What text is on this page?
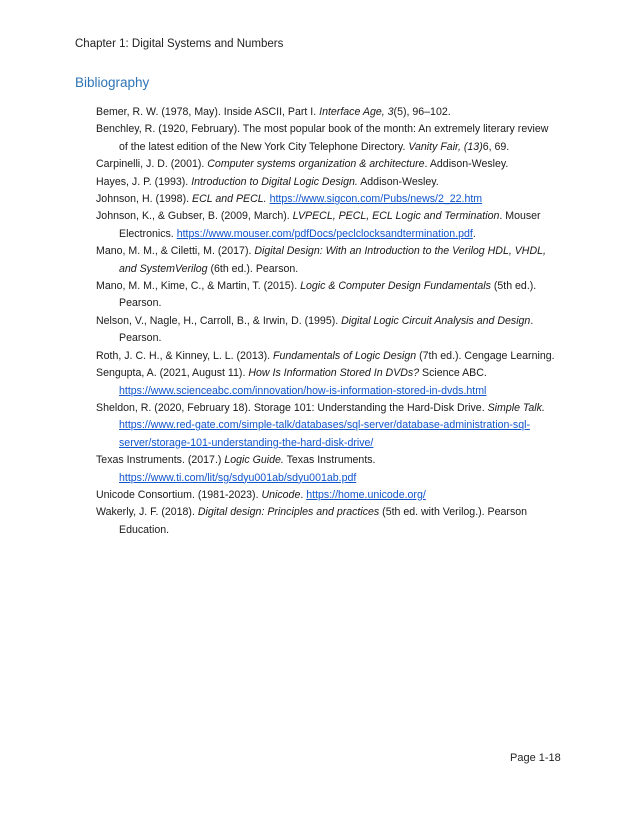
Chapter 1: Digital Systems and Numbers
Bibliography

Bemer, R. W. (1978, May). Inside ASCII, Part I. Interface Age, 3(5), 96–102.

Benchley, R. (1920, February). The most popular book of the month: An extremely literary review of the latest edition of the New York City Telephone Directory. Vanity Fair, (13)6, 69.

Carpinelli, J. D. (2001). Computer systems organization & architecture. Addison-Wesley.

Hayes, J. P. (1993). Introduction to Digital Logic Design. Addison-Wesley.

Johnson, H. (1998). ECL and PECL. https://www.sigcon.com/Pubs/news/2_22.htm

Johnson, K., & Gubser, B. (2009, March). LVPECL, PECL, ECL Logic and Termination. Mouser Electronics. https://www.mouser.com/pdfDocs/peclclocksandtermination.pdf.

Mano, M. M., & Ciletti, M. (2017). Digital Design: With an Introduction to the Verilog HDL, VHDL, and SystemVerilog (6th ed.). Pearson.

Mano, M. M., Kime, C., & Martin, T. (2015). Logic & Computer Design Fundamentals (5th ed.). Pearson.

Nelson, V., Nagle, H., Carroll, B., & Irwin, D. (1995). Digital Logic Circuit Analysis and Design. Pearson.

Roth, J. C. H., & Kinney, L. L. (2013). Fundamentals of Logic Design (7th ed.). Cengage Learning.

Sengupta, A. (2021, August 11). How Is Information Stored In DVDs? Science ABC. https://www.scienceabc.com/innovation/how-is-information-stored-in-dvds.html

Sheldon, R. (2020, February 18). Storage 101: Understanding the Hard-Disk Drive. Simple Talk. https://www.red-gate.com/simple-talk/databases/sql-server/database-administration-sql-server/storage-101-understanding-the-hard-disk-drive/

Texas Instruments. (2017.) Logic Guide. Texas Instruments. https://www.ti.com/lit/sg/sdyu001ab/sdyu001ab.pdf

Unicode Consortium. (1981-2023). Unicode. https://home.unicode.org/

Wakerly, J. F. (2018). Digital design: Principles and practices (5th ed. with Verilog.). Pearson Education.

Page 1-18
